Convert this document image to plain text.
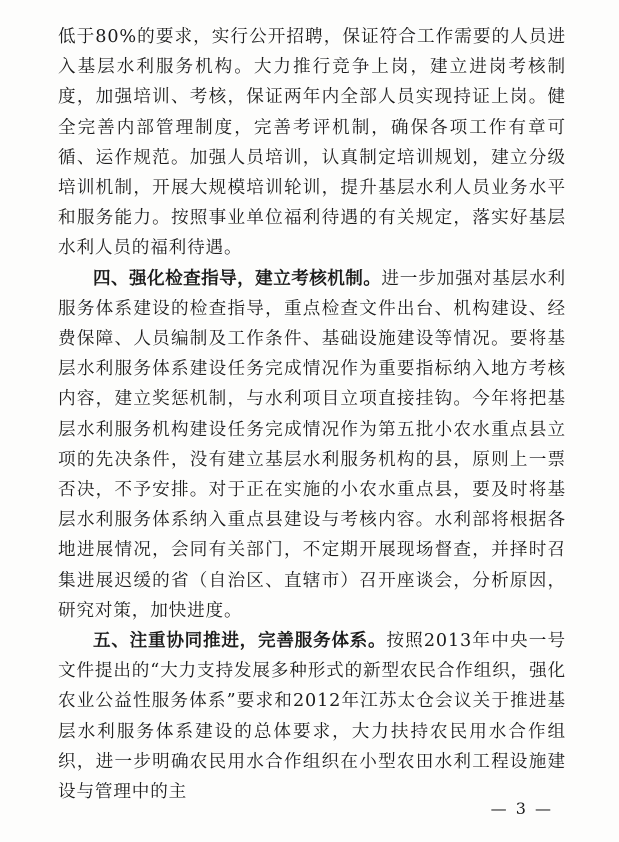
低于80%的要求，实行公开招聘，保证符合工作需要的人员进入基层水利服务机构。大力推行竞争上岗，建立进岗考核制度，加强培训、考核，保证两年内全部人员实现持证上岗。健全完善内部管理制度，完善考评机制，确保各项工作有章可循、运作规范。加强人员培训，认真制定培训规划，建立分级培训机制，开展大规模培训轮训，提升基层水利人员业务水平和服务能力。按照事业单位福利待遇的有关规定，落实好基层水利人员的福利待遇。

四、强化检查指导，建立考核机制。进一步加强对基层水利服务体系建设的检查指导，重点检查文件出台、机构建设、经费保障、人员编制及工作条件、基础设施建设等情况。要将基层水利服务体系建设任务完成情况作为重要指标纳入地方考核内容，建立奖惩机制，与水利项目立项直接挂钩。今年将把基层水利服务机构建设任务完成情况作为第五批小农水重点县立项的先决条件，没有建立基层水利服务机构的县，原则上一票否决，不予安排。对于正在实施的小农水重点县，要及时将基层水利服务体系纳入重点县建设与考核内容。水利部将根据各地进展情况，会同有关部门，不定期开展现场督查，并择时召集进展迟缓的省（自治区、直辖市）召开座谈会，分析原因，研究对策，加快进度。

五、注重协同推进，完善服务体系。按照2013年中央一号文件提出的“大力支持发展多种形式的新型农民合作组织，强化农业公益性服务体系”要求和2012年江苏太仓会议关于推进基层水利服务体系建设的总体要求，大力扶持农民用水合作组织，进一步明确农民用水合作组织在小型农田水利工程设施建设与管理中的主

— 3 —
